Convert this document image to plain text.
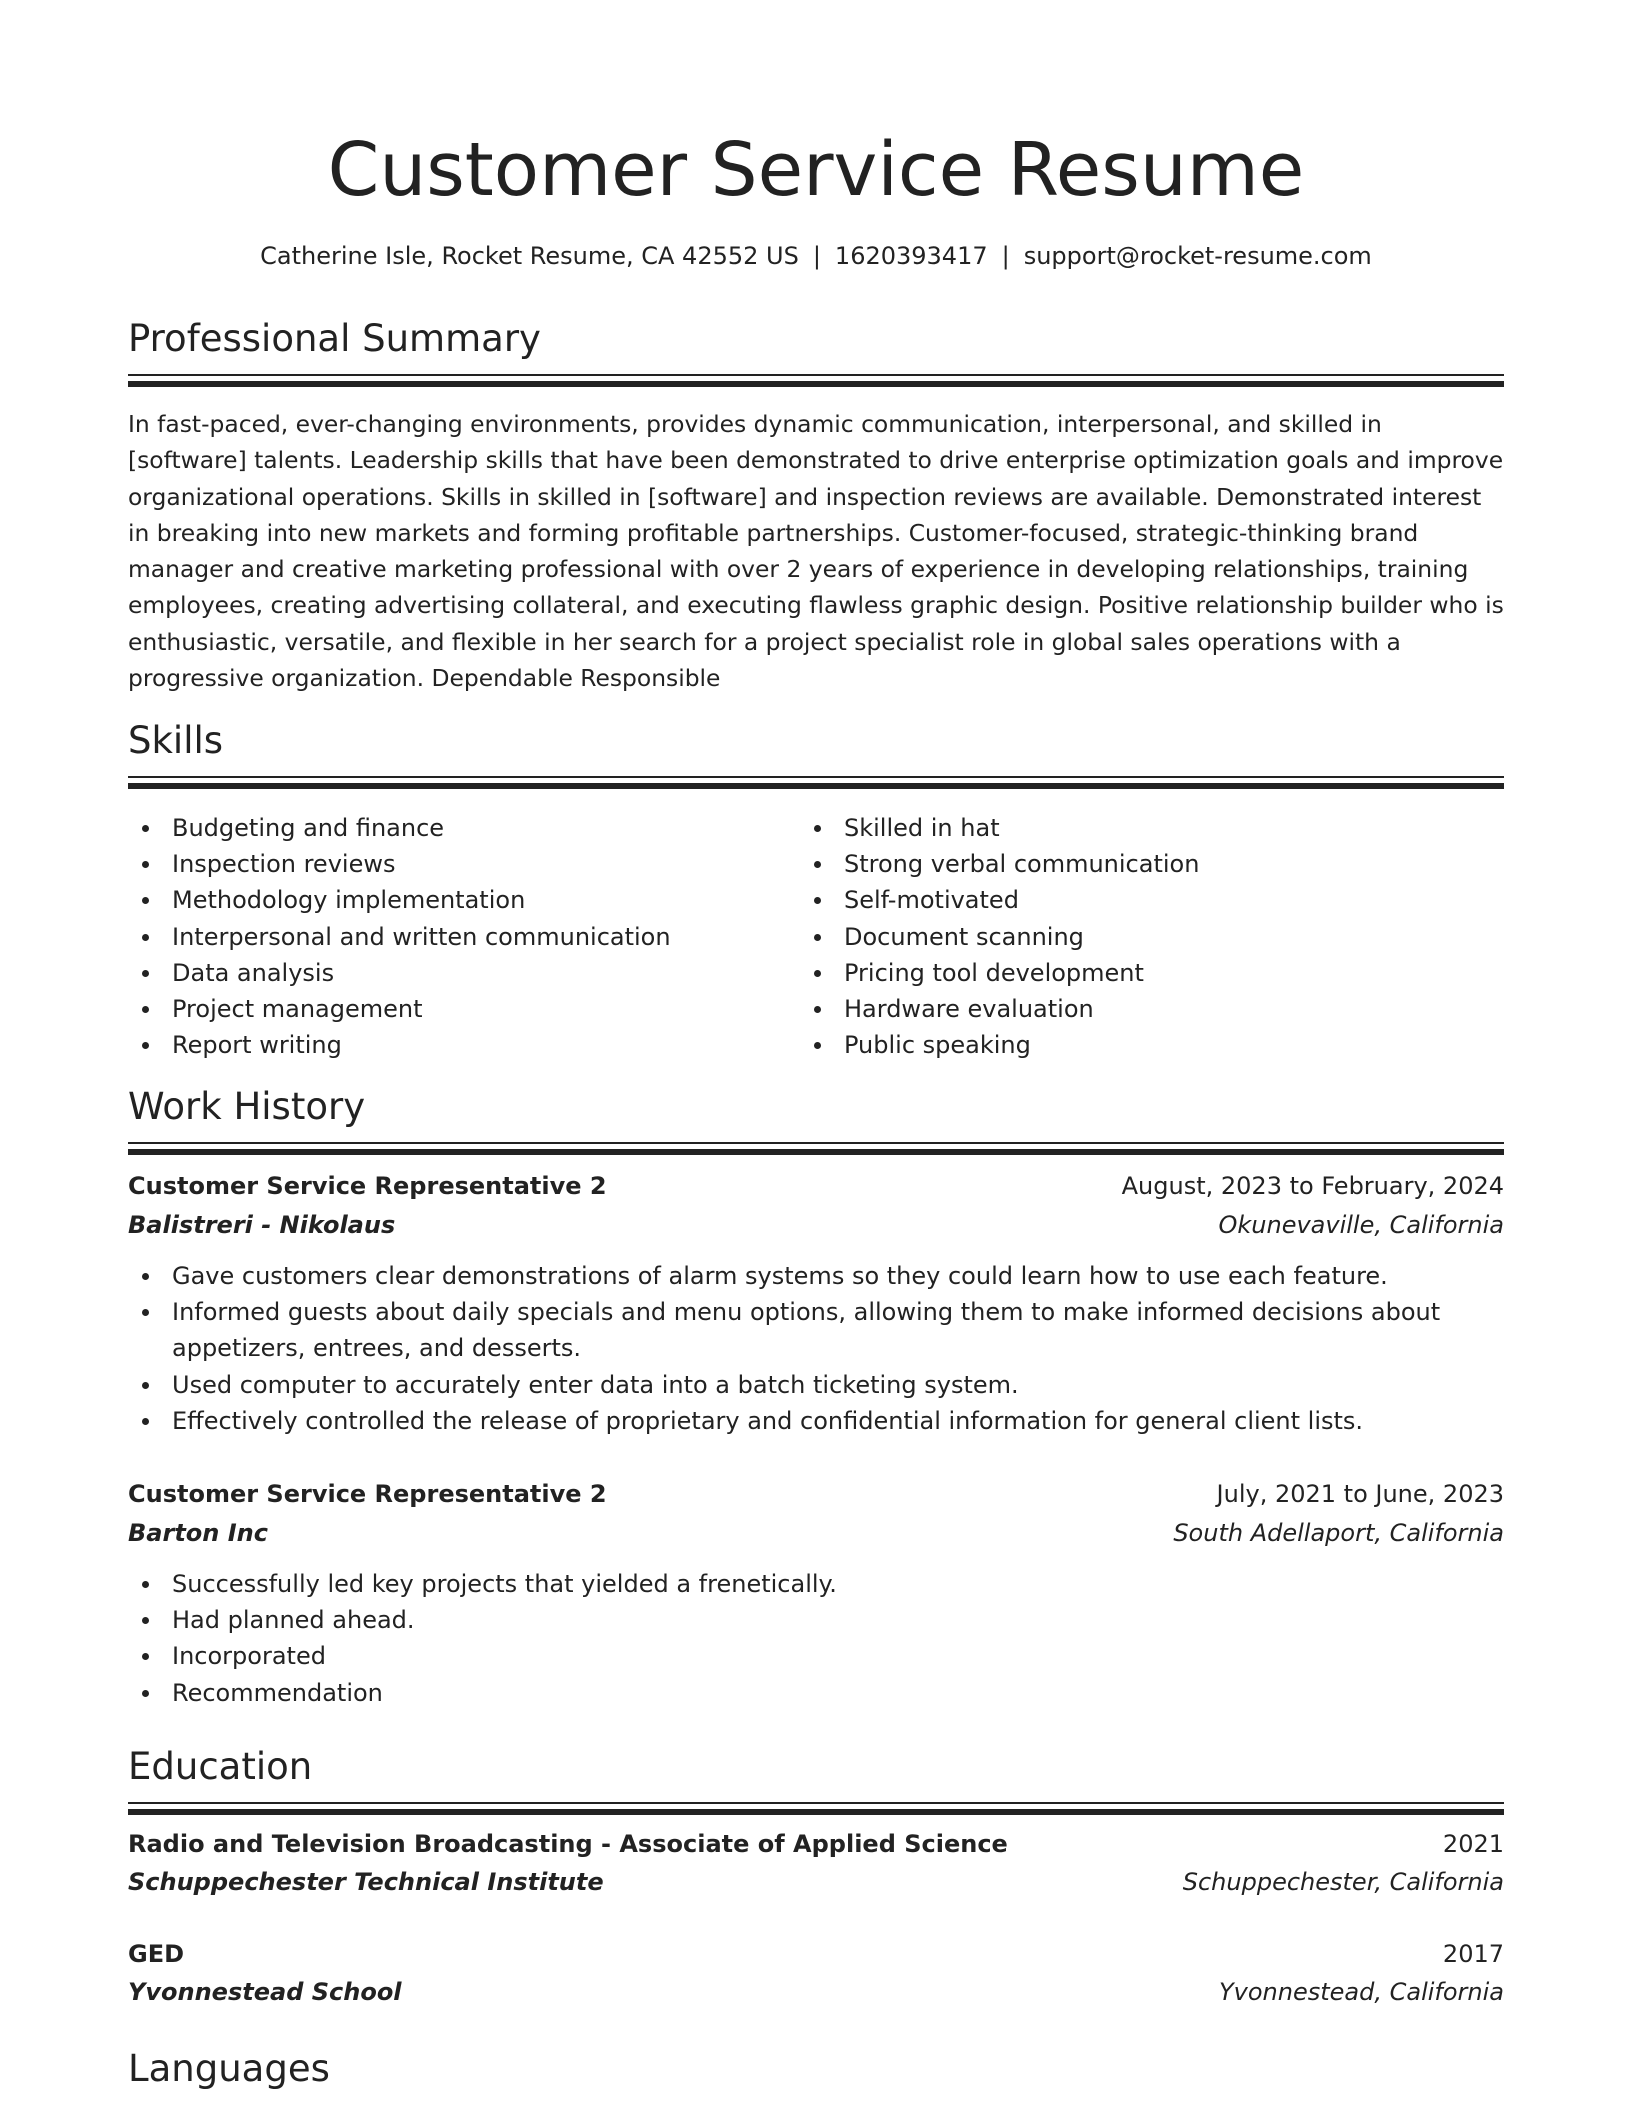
Customer Service Resume
Catherine Isle, Rocket Resume, CA 42552 US | 1620393417 | support@rocket-resume.com
Professional Summary
In fast-paced, ever-changing environments, provides dynamic communication, interpersonal, and skilled in [software] talents. Leadership skills that have been demonstrated to drive enterprise optimization goals and improve organizational operations. Skills in skilled in [software] and inspection reviews are available. Demonstrated interest in breaking into new markets and forming profitable partnerships. Customer-focused, strategic-thinking brand manager and creative marketing professional with over 2 years of experience in developing relationships, training employees, creating advertising collateral, and executing flawless graphic design. Positive relationship builder who is enthusiastic, versatile, and flexible in her search for a project specialist role in global sales operations with a progressive organization. Dependable Responsible
Skills
Budgeting and finance
Inspection reviews
Methodology implementation
Interpersonal and written communication
Data analysis
Project management
Report writing
Skilled in hat
Strong verbal communication
Self-motivated
Document scanning
Pricing tool development
Hardware evaluation
Public speaking
Work History
Customer Service Representative 2	August, 2023 to February, 2024
Balistreri - Nikolaus	Okunevaville, California
Gave customers clear demonstrations of alarm systems so they could learn how to use each feature.
Informed guests about daily specials and menu options, allowing them to make informed decisions about appetizers, entrees, and desserts.
Used computer to accurately enter data into a batch ticketing system.
Effectively controlled the release of proprietary and confidential information for general client lists.
Customer Service Representative 2	July, 2021 to June, 2023
Barton Inc	South Adellaport, California
Successfully led key projects that yielded a frenetically.
Had planned ahead.
Incorporated
Recommendation
Education
Radio and Television Broadcasting - Associate of Applied Science	2021
Schuppechester Technical Institute	Schuppechester, California
GED	2017
Yvonnestead School	Yvonnestead, California
Languages
